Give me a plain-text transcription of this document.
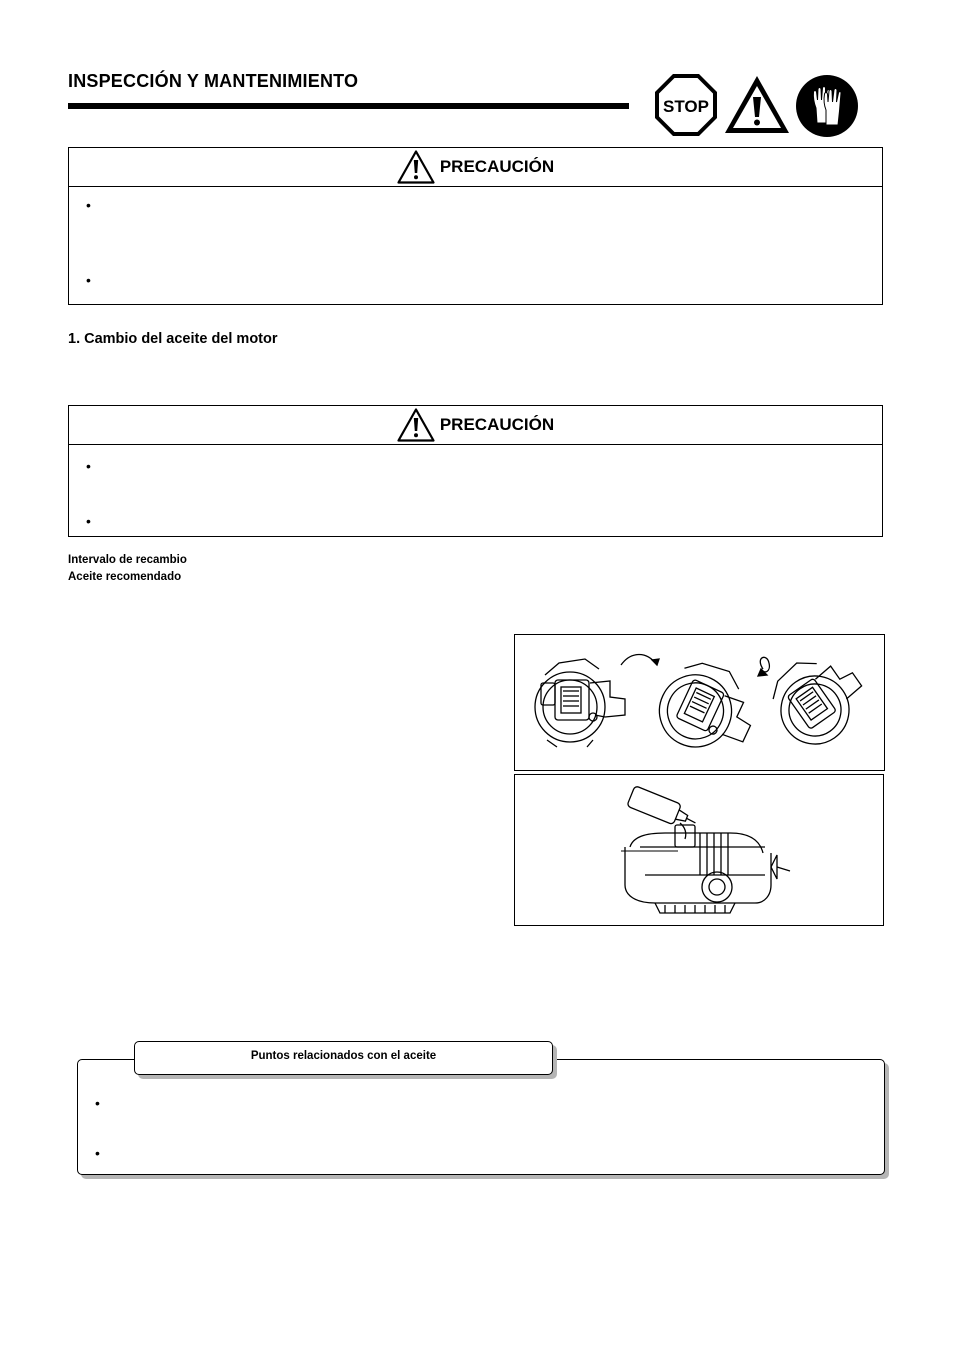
INSPECCIÓN Y MANTENIMIENTO
STOP
PRECAUCIÓN
•
•
1. Cambio del aceite del motor
PRECAUCIÓN
•
•
Intervalo de recambio
Aceite recomendado
Puntos relacionados con el aceite
•
•
